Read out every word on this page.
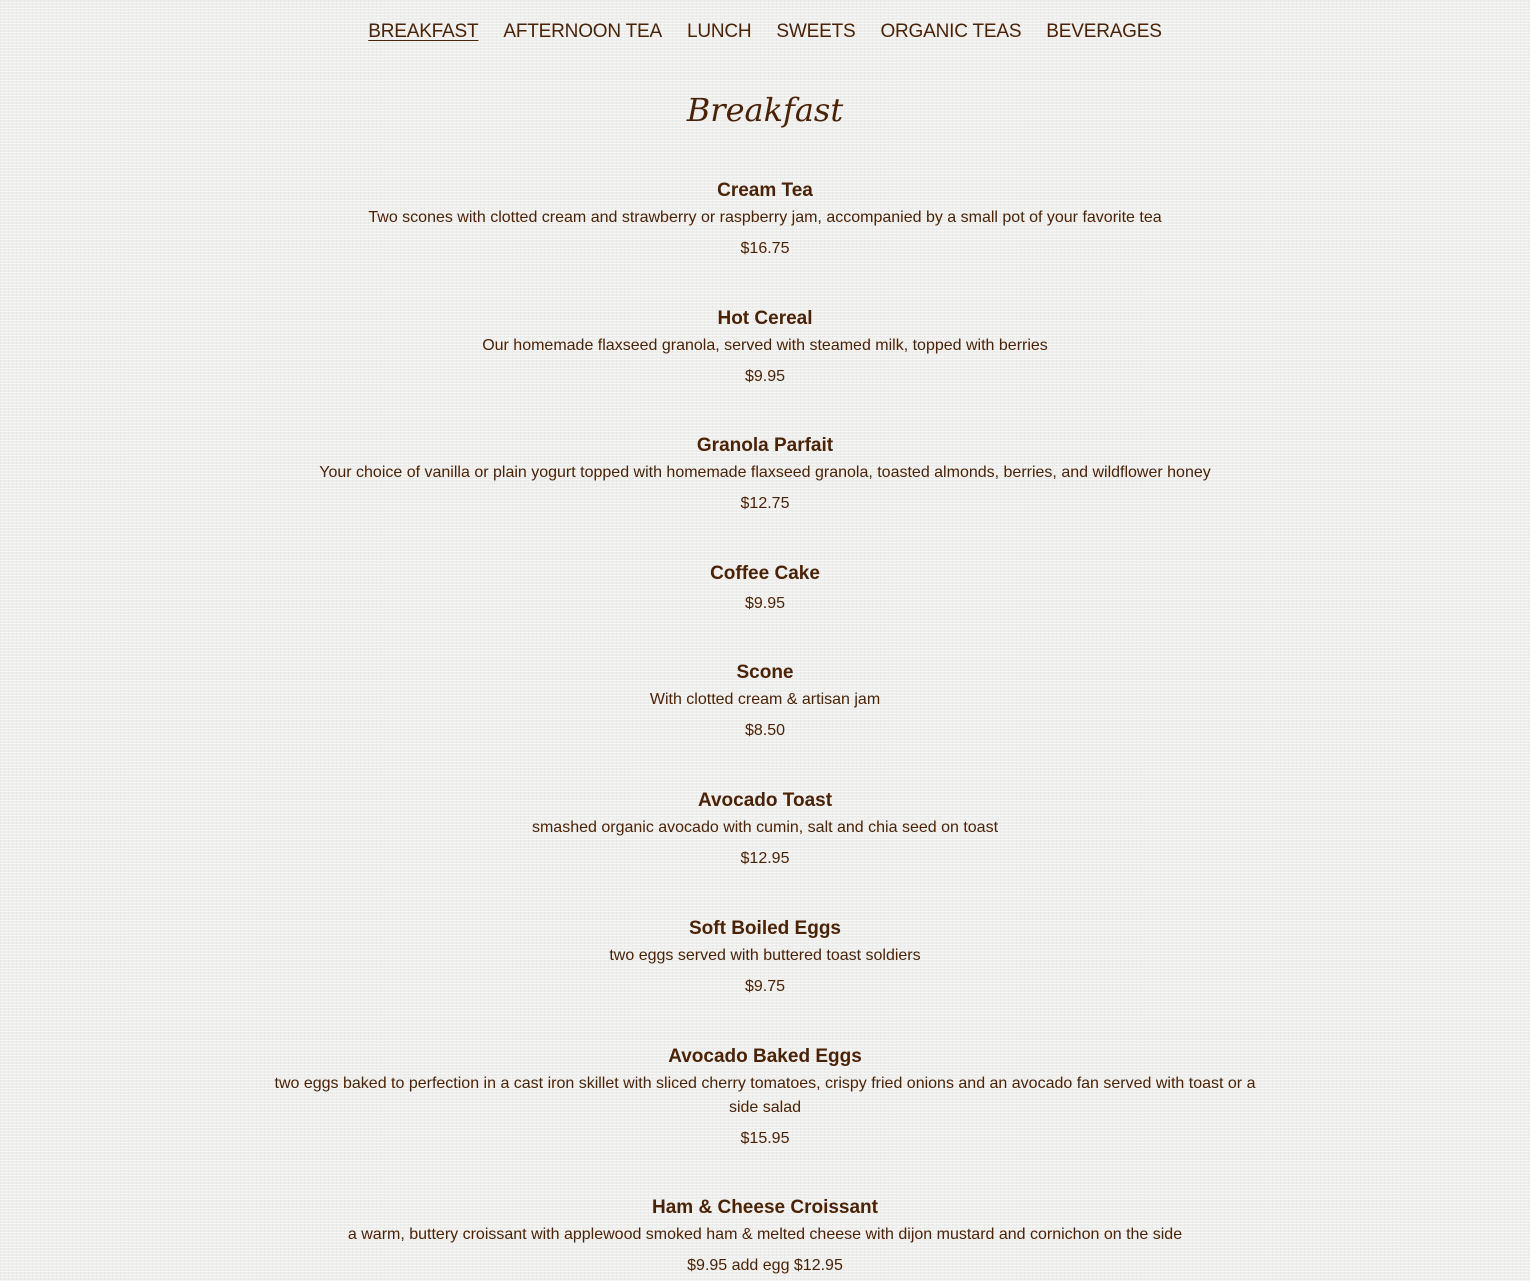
BREAKFAST AFTERNOON TEA LUNCH SWEETS ORGANIC TEAS BEVERAGES
Breakfast
Cream Tea
Two scones with clotted cream and strawberry or raspberry jam, accompanied by a small pot of your favorite tea
$16.75
Hot Cereal
Our homemade flaxseed granola, served with steamed milk, topped with berries
$9.95
Granola Parfait
Your choice of vanilla or plain yogurt topped with homemade flaxseed granola, toasted almonds, berries, and wildflower honey
$12.75
Coffee Cake
$9.95
Scone
With clotted cream & artisan jam
$8.50
Avocado Toast
smashed organic avocado with cumin, salt and chia seed on toast
$12.95
Soft Boiled Eggs
two eggs served with buttered toast soldiers
$9.75
Avocado Baked Eggs
two eggs baked to perfection in a cast iron skillet with sliced cherry tomatoes, crispy fried onions and an avocado fan served with toast or a side salad
$15.95
Ham & Cheese Croissant
a warm, buttery croissant with applewood smoked ham & melted cheese with dijon mustard and cornichon on the side
$9.95 add egg $12.95
